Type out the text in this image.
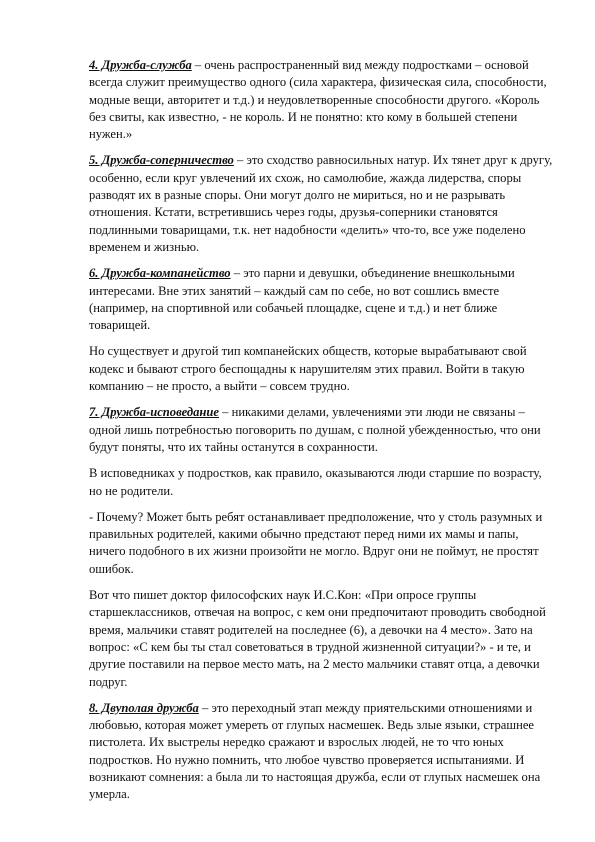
4. Дружба-служба – очень распространенный вид между подростками – основой всегда служит преимущество одного (сила характера, физическая сила, способности, модные вещи, авторитет и т.д.) и неудовлетворенные способности другого. «Король без свиты, как известно, - не король. И не понятно: кто кому в большей степени нужен.»

5. Дружба-соперничество – это сходство равносильных натур. Их тянет друг к другу, особенно, если круг увлечений их схож, но самолюбие, жажда лидерства, споры разводят их в разные споры. Они могут долго не мириться, но и не разрывать отношения. Кстати, встретившись через годы, друзья-соперники становятся подлинными товарищами, т.к. нет надобности «делить» что-то, все уже поделено временем и жизнью.

6. Дружба-компанейство – это парни и девушки, объединение внешкольными интересами. Вне этих занятий – каждый сам по себе, но вот сошлись вместе (например, на спортивной или собачьей площадке, сцене и т.д.) и нет ближе товарищей.

Но существует и другой тип компанейских обществ, которые вырабатывают свой кодекс и бывают строго беспощадны к нарушителям этих правил. Войти в такую компанию – не просто, а выйти – совсем трудно.

7. Дружба-исповедание – никакими делами, увлечениями эти люди не связаны – одной лишь потребностью поговорить по душам, с полной убежденностью, что они будут поняты, что их тайны останутся в сохранности.

В исповедниках у подростков, как правило, оказываются люди старшие по возрасту, но не родители.

- Почему? Может быть ребят останавливает предположение, что у столь разумных и правильных родителей, какими обычно предстают перед ними их мамы и папы, ничего подобного в их жизни произойти не могло. Вдруг они не поймут, не простят ошибок.

Вот что пишет доктор философских наук И.С.Кон: «При опросе группы старшеклассников, отвечая на вопрос, с кем они предпочитают проводить свободной время, мальчики ставят родителей на последнее (6), а девочки на 4 место». Зато на вопрос: «С кем бы ты стал советоваться в трудной жизненной ситуации?» - и те, и другие поставили на первое место мать, на 2 место мальчики ставят отца, а девочки подруг.

8. Двуполая дружба – это переходный этап между приятельскими отношениями и любовью, которая может умереть от глупых насмешек. Ведь злые языки, страшнее пистолета. Их выстрелы нередко сражают и взрослых людей, не то что юных подростков. Но нужно помнить, что любое чувство проверяется испытаниями. И возникают сомнения: а была ли то настоящая дружба, если от глупых насмешек она умерла.
